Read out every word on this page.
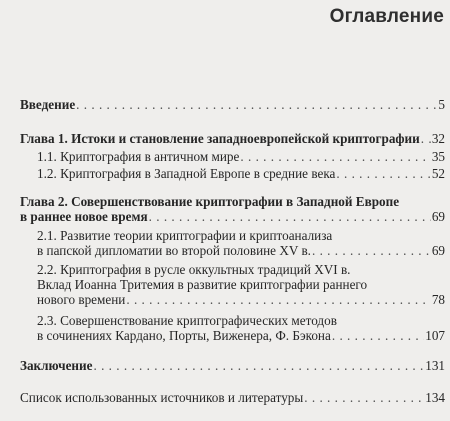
Оглавление
Введение . . .	5
Глава 1. Истоки и становление западноевропейской криптографии . . . 32
1.1. Криптография в античном мире . . .	35
1.2. Криптография в Западной Европе в средние века . . .	52
Глава 2. Совершенствование криптографии в Западной Европе
в раннее новое время . . .	69
2.1. Развитие теории криптографии и криптоанализа
в папской дипломатии во второй половине XV в. . . .	69
2.2. Криптография в русле оккультных традиций XVI в.
Вклад Иоанна Тритемия в развитие криптографии раннего
нового времени . . .	78
2.3. Совершенствование криптографических методов
в сочинениях Кардано, Порты, Виженера, Ф. Бэкона . . .	107
Заключение . . .	131
Список использованных источников и литературы . . .	134
